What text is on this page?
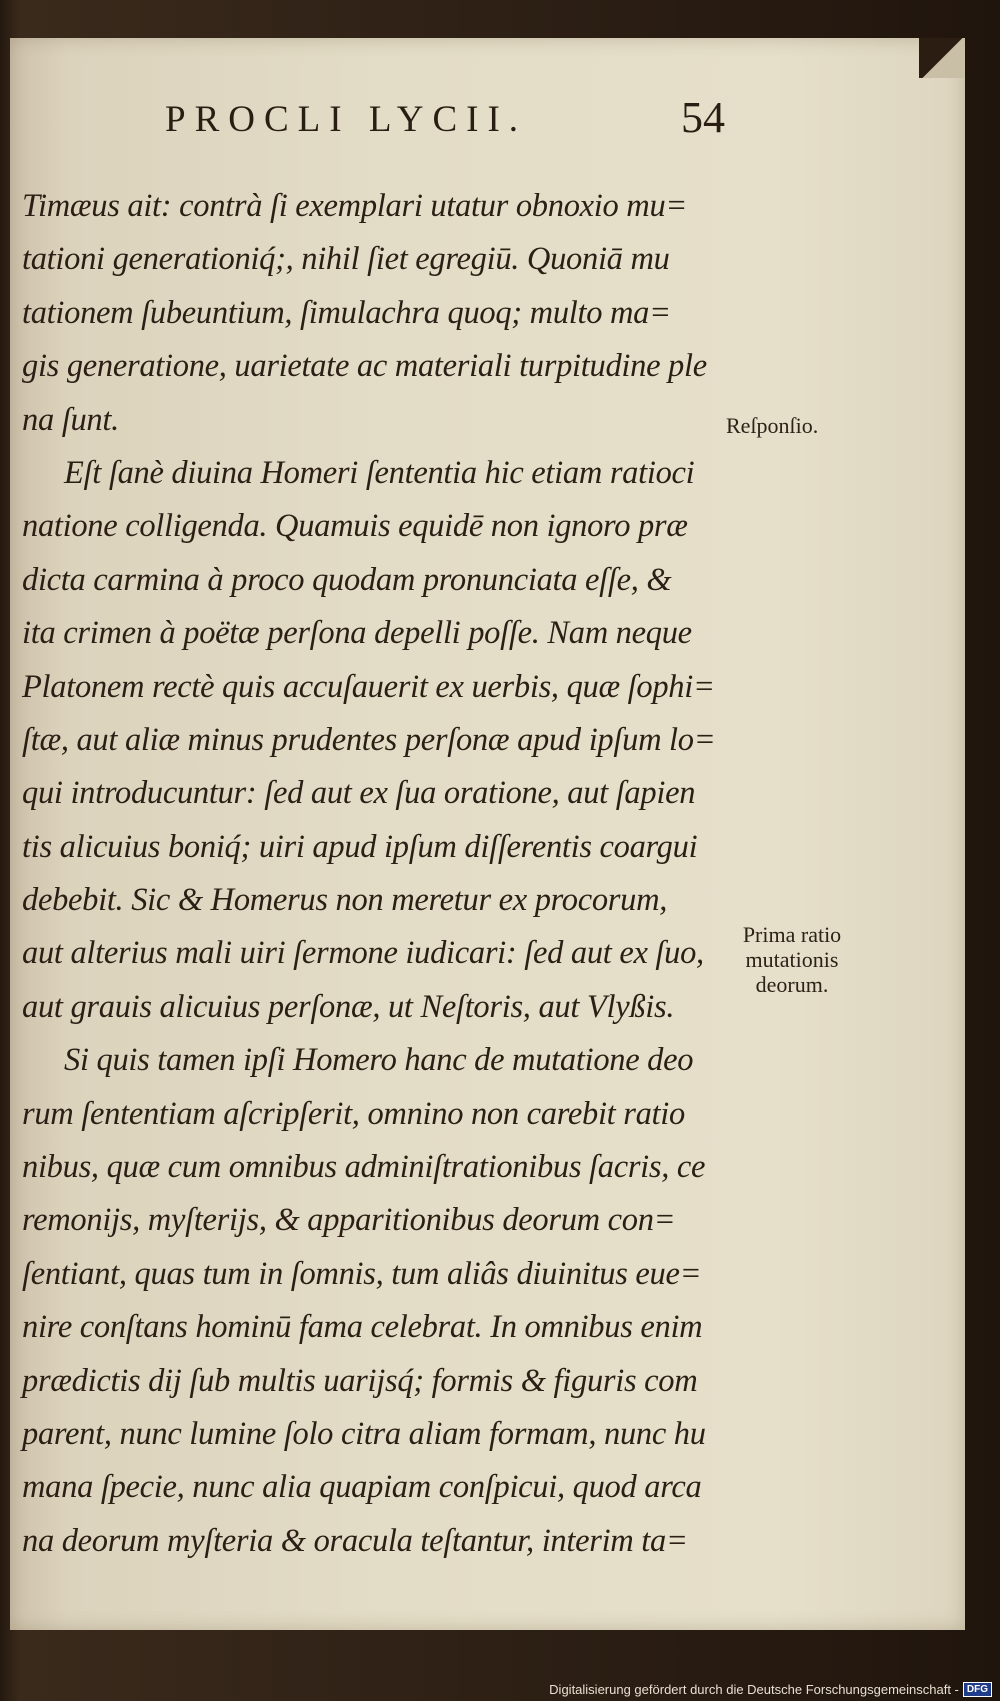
PROCLI LYCII.	54
Timæus ait: contrà ſi exemplari utatur obnoxio mu=
tationi generationiq́;, nihil ſiet egregiū. Quoniā mu
tationem ſubeuntium, ſimulachra quoq; multo ma=
gis generatione, uarietate ac materiali turpitudine ple
na ſunt.
Eſt ſanè diuina Homeri ſententia hic etiam ratioci
natione colligenda. Quamuis equidē non ignoro præ
dicta carmina à proco quodam pronunciata eſſe, &
ita crimen à poëtæ perſona depelli poſſe. Nam neque
Platonem rectè quis accuſauerit ex uerbis, quæ ſophi=
ſtæ, aut aliæ minus prudentes perſonæ apud ipſum lo=
qui introducuntur: ſed aut ex ſua oratione, aut ſapien
tis alicuius boniq́; uiri apud ipſum diſſerentis coargui
debebit. Sic & Homerus non meretur ex procorum,
aut alterius mali uiri ſermone iudicari: ſed aut ex ſuo,
aut grauis alicuius perſonæ, ut Neſtoris, aut Vlyßis.
Si quis tamen ipſi Homero hanc de mutatione deo
rum ſententiam aſcripſerit, omnino non carebit ratio
nibus, quæ cum omnibus adminiſtrationibus ſacris, ce
remonijs, myſterijs, & apparitionibus deorum con=
ſentiant, quas tum in ſomnis, tum aliâs diuinitus eue=
nire conſtans hominū fama celebrat. In omnibus enim
prædictis dij ſub multis uarijsq́; formis & figuris com
parent, nunc lumine ſolo citra aliam formam, nunc hu
mana ſpecie, nunc alia quapiam conſpicui, quod arca
na deorum myſteria & oracula teſtantur, interim ta=
Reſponſio.
Prima ratio
mutationis
deorum.
Digitalisierung gefördert durch die Deutsche Forschungsgemeinschaft - DFG
